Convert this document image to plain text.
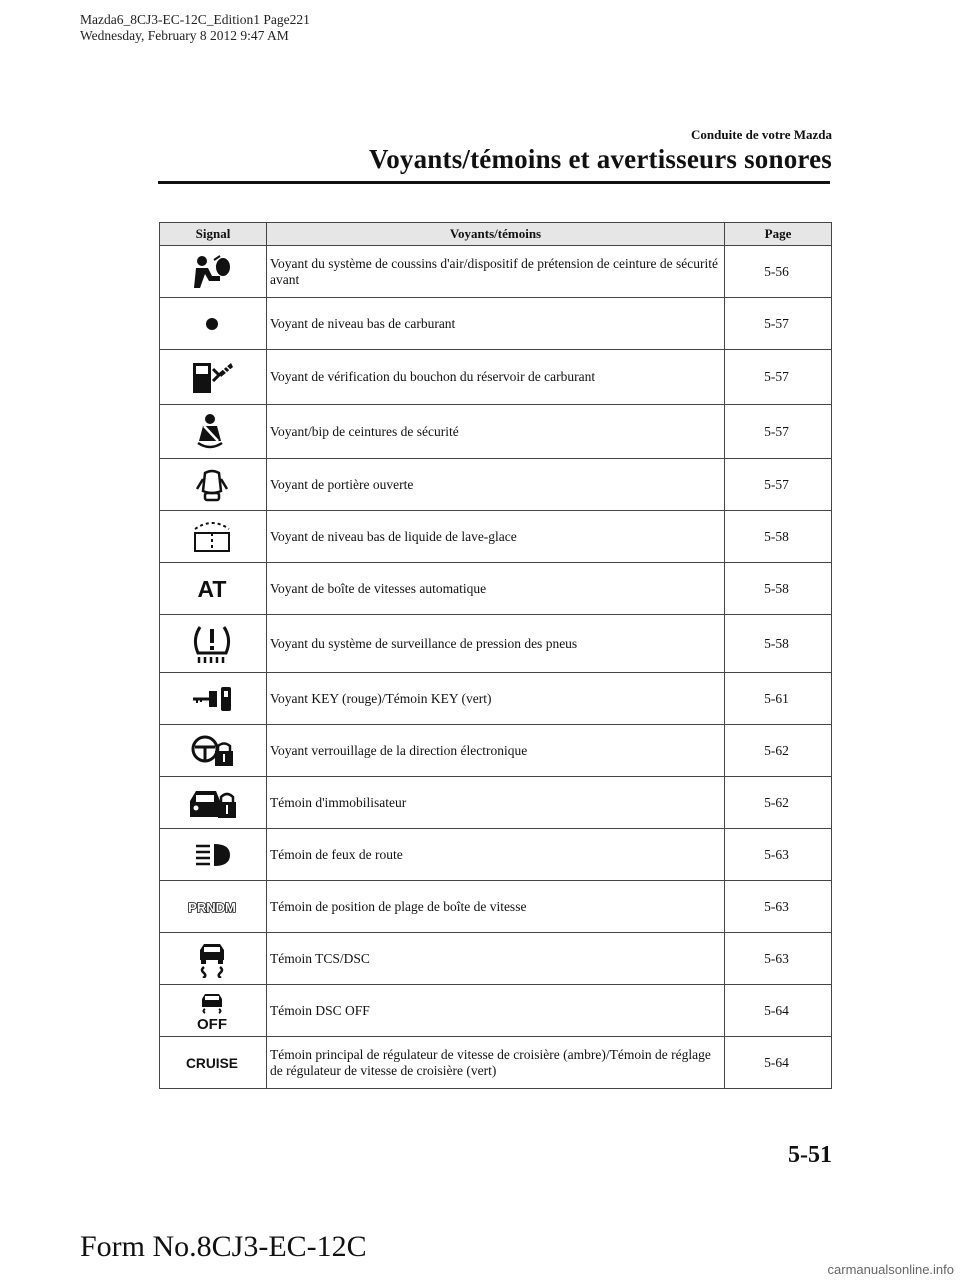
Mazda6_8CJ3-EC-12C_Edition1 Page221
Wednesday, February 8 2012 9:47 AM
Conduite de votre Mazda
Voyants/témoins et avertisseurs sonores
Signal	Voyants/témoins	Page

	Voyant du système de coussins d'air/dispositif de prétension de ceinture de sécurité avant	5-56

	Voyant de niveau bas de carburant	5-57

	Voyant de vérification du bouchon du réservoir de carburant	5-57

	Voyant/bip de ceintures de sécurité	5-57

	Voyant de portière ouverte	5-57

	Voyant de niveau bas de liquide de lave-glace	5-58

AT	Voyant de boîte de vitesses automatique	5-58

	Voyant du système de surveillance de pression des pneus	5-58

	Voyant KEY (rouge)/Témoin KEY (vert)	5-61

	Voyant verrouillage de la direction électronique	5-62

	Témoin d'immobilisateur	5-62

	Témoin de feux de route	5-63

PRNDM	Témoin de position de plage de boîte de vitesse	5-63

	Témoin TCS/DSC	5-63

OFF	Témoin DSC OFF	5-64

CRUISE	Témoin principal de régulateur de vitesse de croisière (ambre)/Témoin de réglage de régulateur de vitesse de croisière (vert)	5-64
5-51
Form No.8CJ3-EC-12C
carmanualsonline.info
